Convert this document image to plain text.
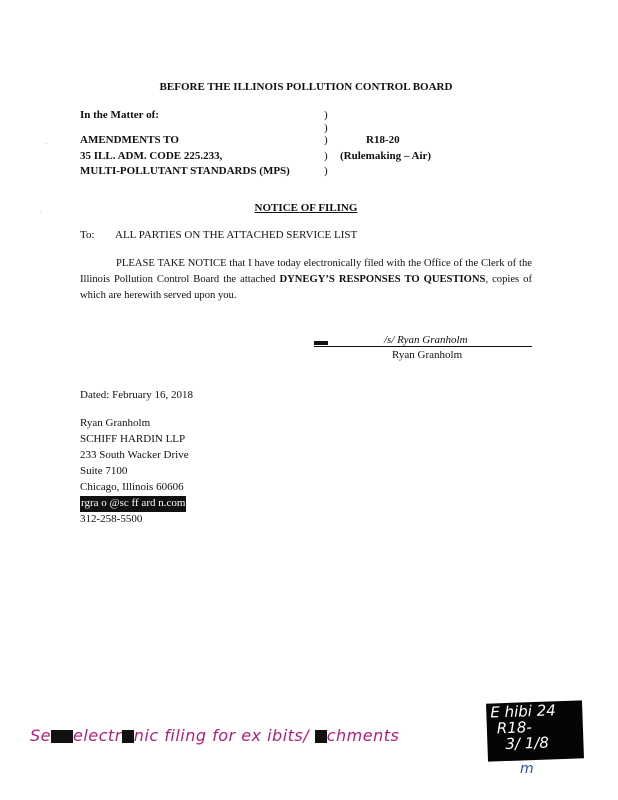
BEFORE THE ILLINOIS POLLUTION CONTROL BOARD
In the Matter of:	)
)
)
)
)
AMENDMENTS TO
35 ILL. ADM. CODE 225.233,
MULTI-POLLUTANT STANDARDS (MPS)
R18-20
(Rulemaking – Air)
.
.	NOTICE OF FILING
To: ALL PARTIES ON THE ATTACHED SERVICE LIST
PLEASE TAKE NOTICE that I have today electronically filed with the Office of the Clerk of the Illinois Pollution Control Board the attached DYNEGY’S RESPONSES TO QUESTIONS, copies of which are herewith served upon you.
/s/ Ryan Granholm
Ryan Granholm
Dated: February 16, 2018
Ryan Granholm
SCHIFF HARDIN LLP
233 South Wacker Drive
Suite 7100
Chicago, Illinois 60606
rgra o @sc ff ard n.com
312-258-5500
Se electr nic filing for ex ibits/ chments
E hibi 24
R18-
3/ 1/8
m
